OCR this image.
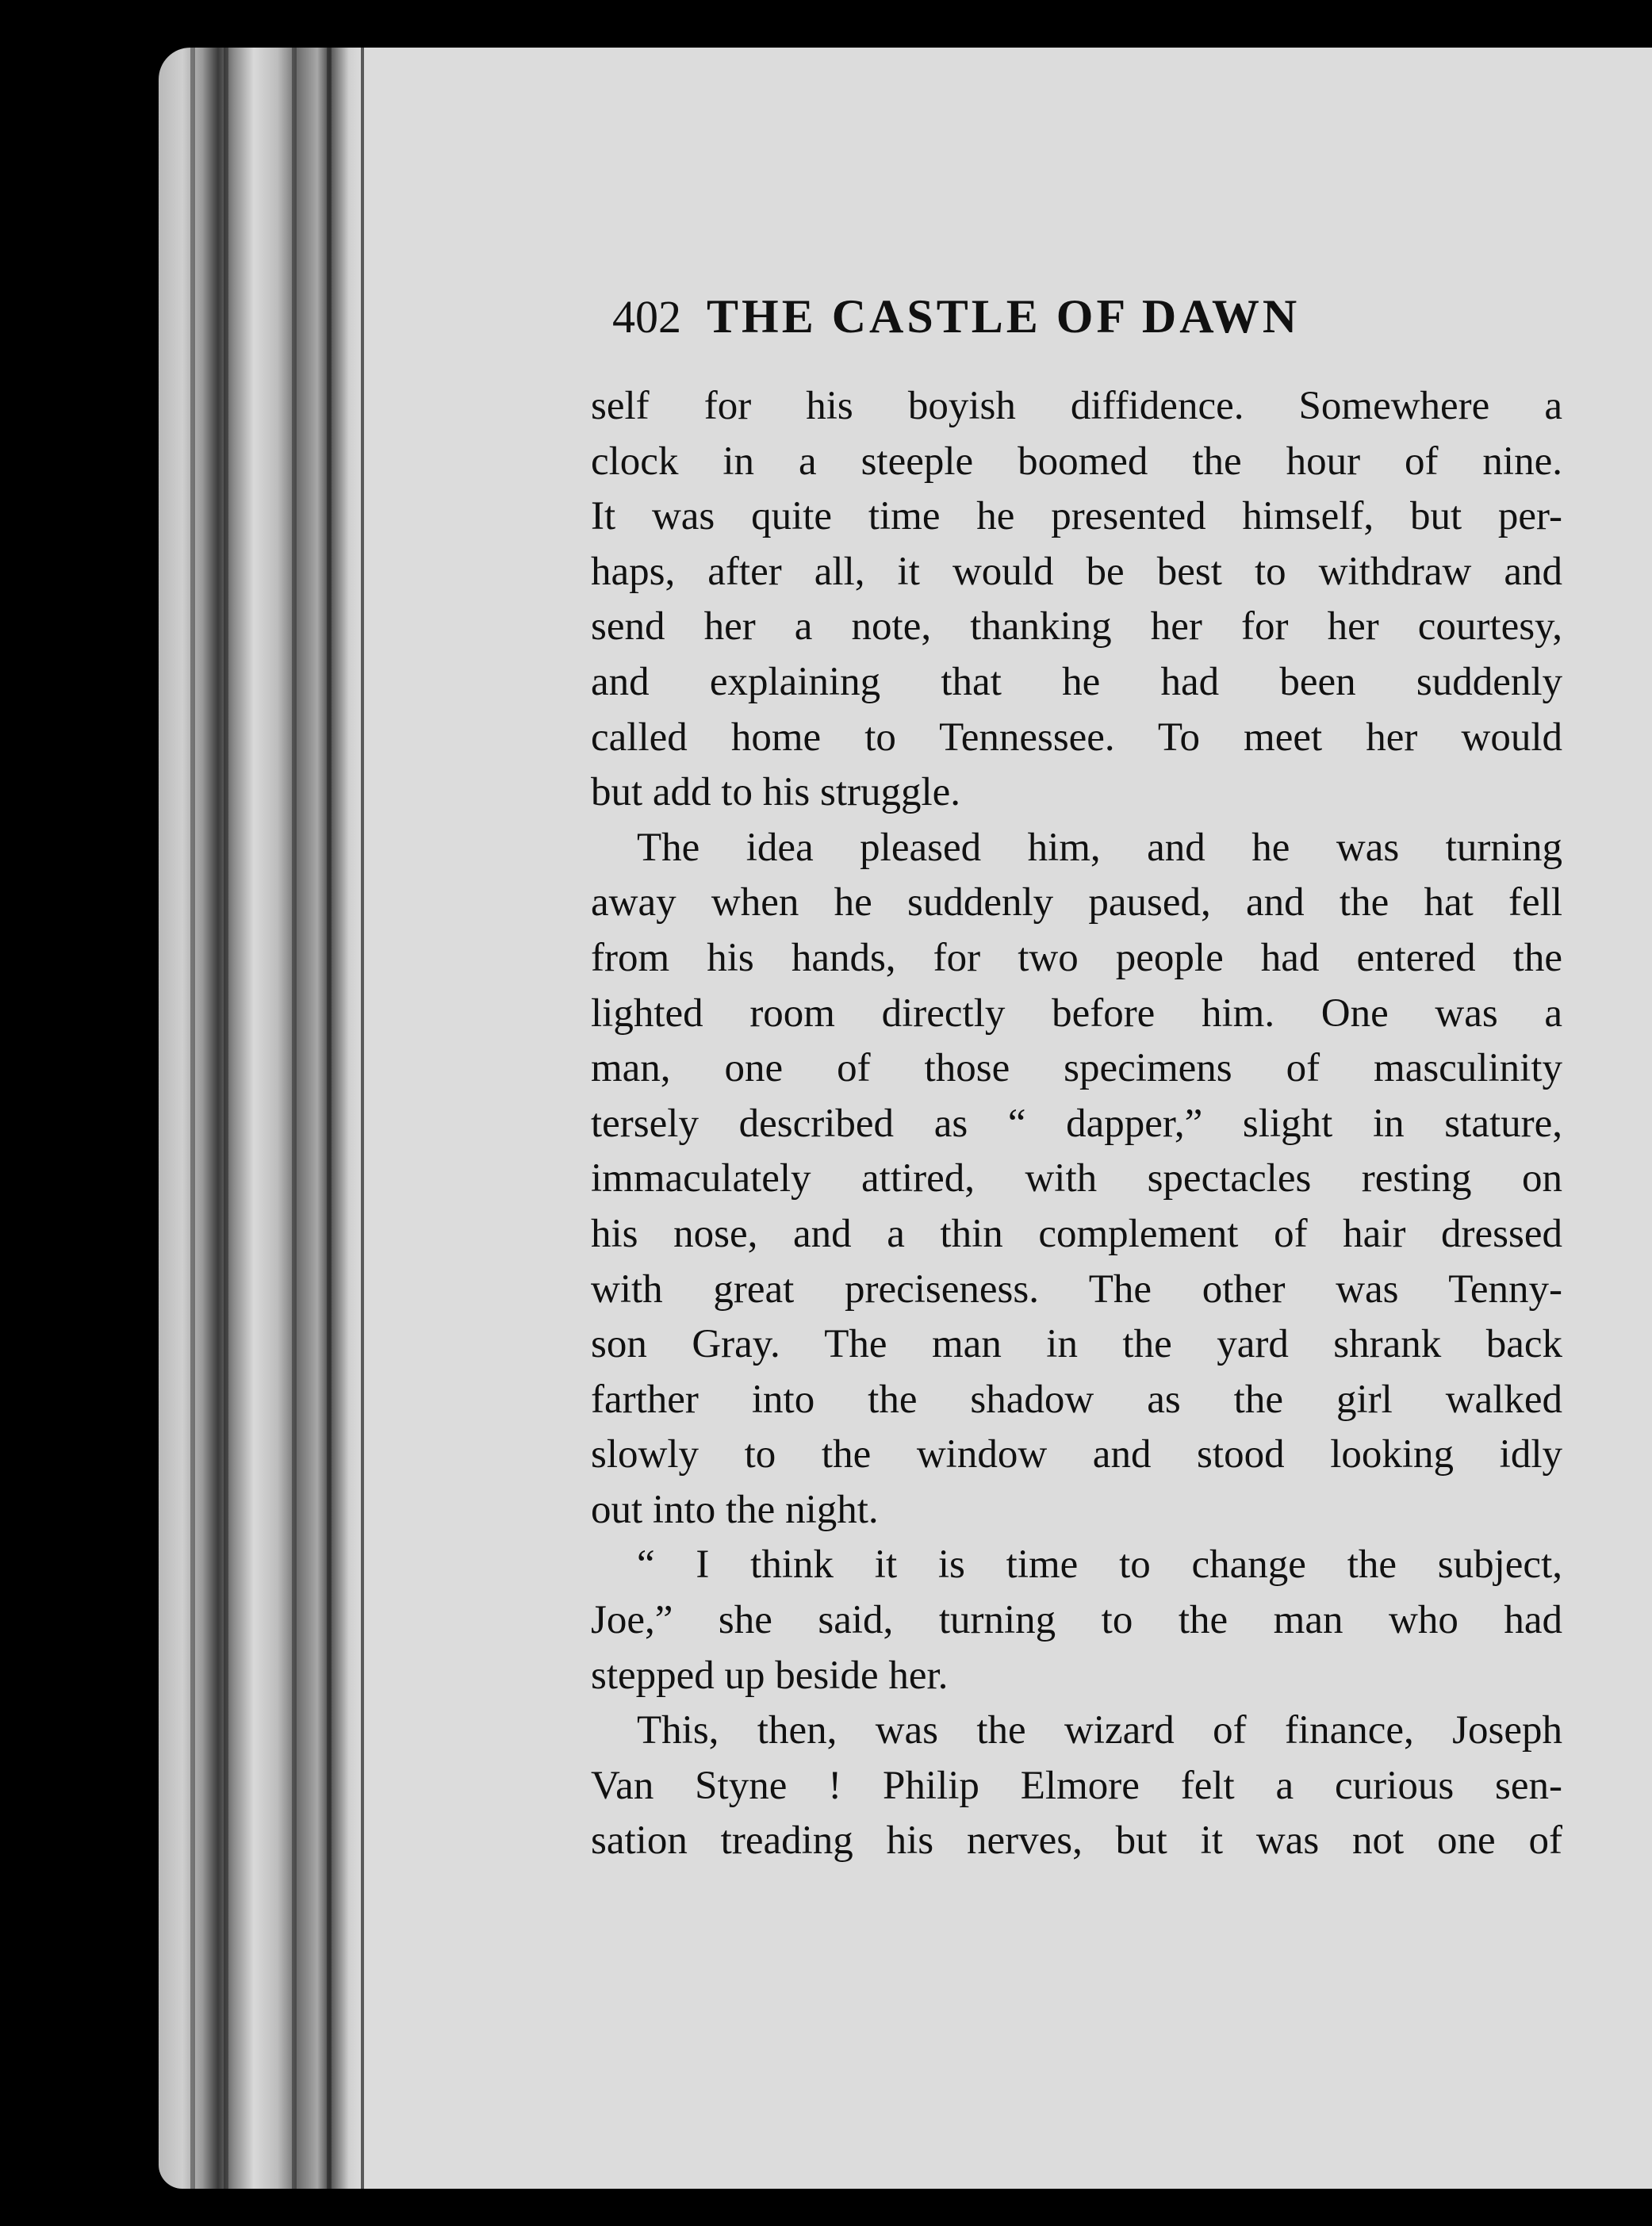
402 THE CASTLE OF DAWN
self for his boyish diffidence. Somewhere a
clock in a steeple boomed the hour of nine.
It was quite time he presented himself, but per-
haps, after all, it would be best to withdraw and
send her a note, thanking her for her courtesy,
and explaining that he had been suddenly
called home to Tennessee. To meet her would
but add to his struggle.
The idea pleased him, and he was turning
away when he suddenly paused, and the hat fell
from his hands, for two people had entered the
lighted room directly before him. One was a
man, one of those specimens of masculinity
tersely described as “ dapper,” slight in stature,
immaculately attired, with spectacles resting on
his nose, and a thin complement of hair dressed
with great preciseness. The other was Tenny-
son Gray. The man in the yard shrank back
farther into the shadow as the girl walked
slowly to the window and stood looking idly
out into the night.
“ I think it is time to change the subject,
Joe,” she said, turning to the man who had
stepped up beside her.
This, then, was the wizard of finance, Joseph
Van Styne ! Philip Elmore felt a curious sen-
sation treading his nerves, but it was not one of
